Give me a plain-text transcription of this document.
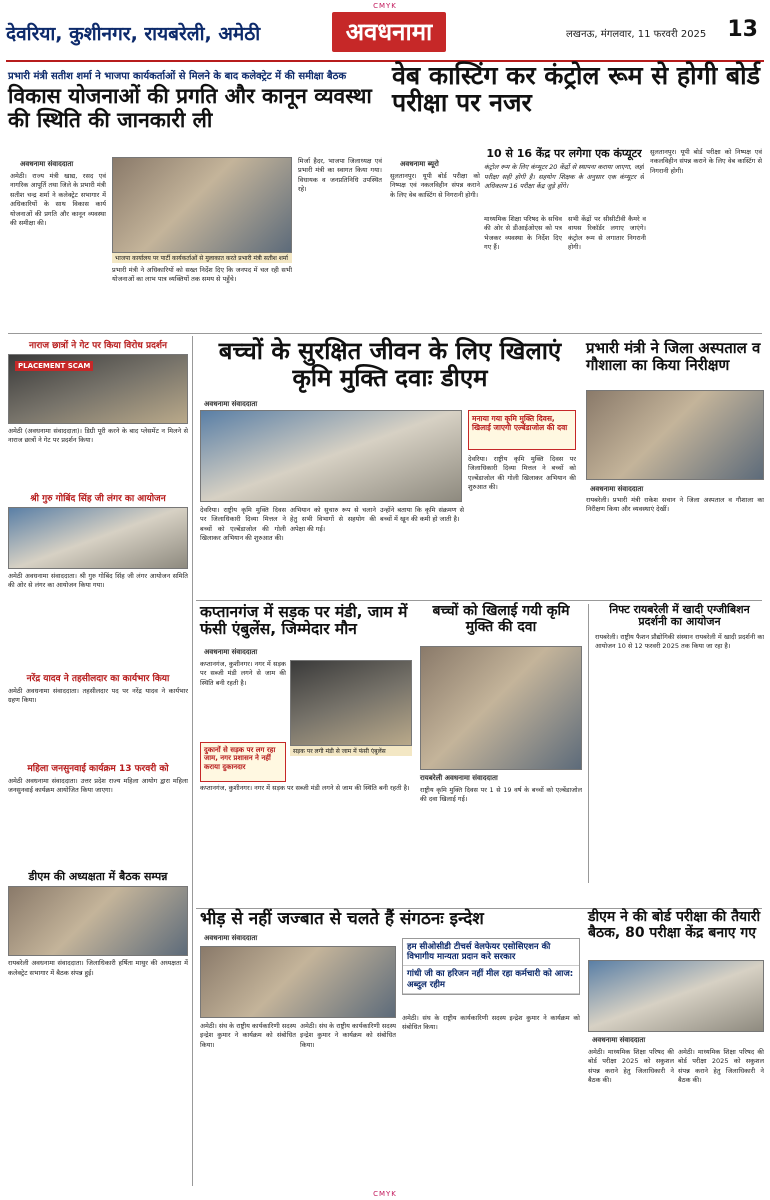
CMYK
देवरिया, कुशीनगर, रायबरेली, अमेठी	अवधनामा	लखनऊ, मंगलवार, 11 फरवरी 2025 13
प्रभारी मंत्री सतीश शर्मा ने भाजपा कार्यकर्ताओं से मिलने के बाद कलेक्ट्रेट में की समीक्षा बैठक
विकास योजनाओं की प्रगति और कानून व्यवस्था की स्थिति की जानकारी ली
अवधनामा संवाददाता
अमेठी। राज्य मंत्री खाद्य, रसद एवं नागरिक आपूर्ति तथा जिले के प्रभारी मंत्री सतीश चन्द्र शर्मा ने कलेक्ट्रेट सभागार में अधिकारियों के साथ विकास कार्य योजनाओं की प्रगति और कानून व्यवस्था की समीक्षा की।
भाजपा कार्यालय पर पार्टी कार्यकर्ताओं से मुलाकात करते प्रभारी मंत्री सतीश शर्मा
प्रभारी मंत्री ने अधिकारियों को सख्त निर्देश दिए कि जनपद में चल रही सभी योजनाओं का लाभ पात्र व्यक्तियों तक समय से पहुँचे।
मिर्जा हैदर, भाजपा जिलाध्यक्ष एवं प्रभारी मंत्री का स्वागत किया गया। विधायक व जनप्रतिनिधि उपस्थित रहे।
वेब कास्टिंग कर कंट्रोल रूम से होगी बोर्ड परीक्षा पर नजर
अवधनामा ब्यूरो
सुलतानपुर। यूपी बोर्ड परीक्षा को निष्पक्ष एवं नकलविहीन संपन्न कराने के लिए वेब कास्टिंग से निगरानी होगी।
10 से 16 केंद्र पर लगेगा एक कंप्यूटर
कंट्रोल रूम के लिए कंप्यूटर 20 केंद्रों से स्थापना कराया जाएगा, जहाँ परीक्षा सही होगी है। सहयोग शिक्षक के अनुसार एक कंप्यूटर से अधिकतम 16 परीक्षा केंद्र जुड़े होंगे।
माध्यमिक शिक्षा परिषद के सचिव की ओर से डीआईओएस को पत्र भेजकर व्यवस्था के निर्देश दिए गए हैं।
सभी केंद्रों पर सीसीटीवी कैमरे व वायस रिकॉर्डर लगाए जाएंगे। कंट्रोल रूम से लगातार निगरानी होगी।
सुलतानपुर। यूपी बोर्ड परीक्षा को निष्पक्ष एवं नकलविहीन संपन्न कराने के लिए वेब कास्टिंग से निगरानी होगी।
नाराज छात्रों ने गेट पर किया विरोध प्रदर्शन
PLACEMENT SCAM
अमेठी (अवधनामा संवाददाता)। डिग्री पूरी करने के बाद प्लेसमेंट न मिलने से नाराज छात्रों ने गेट पर प्रदर्शन किया।
श्री गुरु गोबिंद सिंह जी लंगर का आयोजन
अमेठी अवधनामा संवाददाता। श्री गुरु गोबिंद सिंह जी लंगर आयोजन समिति की ओर से लंगर का आयोजन किया गया।
नरेंद्र यादव ने तहसीलदार का कार्यभार किया
अमेठी अवधनामा संवाददाता। तहसीलदार पद पर नरेंद्र यादव ने कार्यभार ग्रहण किया।
महिला जनसुनवाई कार्यक्रम 13 फरवरी को
अमेठी अवधनामा संवाददाता। उत्तर प्रदेश राज्य महिला आयोग द्वारा महिला जनसुनवाई कार्यक्रम आयोजित किया जाएगा।
डीएम की अध्यक्षता में बैठक सम्पन्न
रायबरेली अवधनामा संवाददाता। जिलाधिकारी हर्षिता माथुर की अध्यक्षता में कलेक्ट्रेट सभागार में बैठक संपन्न हुई।
बच्चों के सुरक्षित जीवन के लिए खिलाएं कृमि मुक्ति दवाः डीएम
अवधनामा संवाददाता
देवरिया। राष्ट्रीय कृमि मुक्ति दिवस पर जिलाधिकारी दिव्या मित्तल ने बच्चों को एल्बेंडाजोल की गोली खिलाकर अभियान की शुरुआत की।
अभियान को सुचारु रूप से चलाने हेतु सभी विभागों से सहयोग की अपेक्षा की गई।
उन्होंने बताया कि कृमि संक्रमण से बच्चों में खून की कमी हो जाती है।
मनाया गया कृमि मुक्ति दिवस, खिलाई जाएगी एल्बेंडाजोल की दवा
देवरिया। राष्ट्रीय कृमि मुक्ति दिवस पर जिलाधिकारी दिव्या मित्तल ने बच्चों को एल्बेंडाजोल की गोली खिलाकर अभियान की शुरुआत की।
प्रभारी मंत्री ने जिला अस्पताल व गौशाला का किया निरीक्षण
अवधनामा संवाददाता
रायबरेली। प्रभारी मंत्री राकेश सचान ने जिला अस्पताल व गौशाला का निरीक्षण किया और व्यवस्थाएं देखीं।
कप्तानगंज में सड़क पर मंडी, जाम में फंसी एंबुलेंस, जिम्मेदार मौन
अवधनामा संवाददाता
कप्तानगंज, कुशीनगर। नगर में सड़क पर सब्जी मंडी लगने से जाम की स्थिति बनी रहती है।
सड़क पर लगी मंडी से जाम में फंसी एंबुलेंस
दुकानों से सड़क पर लग रहा जाम, नगर प्रशासन ने नहीं कराया दुकानदार
कप्तानगंज, कुशीनगर। नगर में सड़क पर सब्जी मंडी लगने से जाम की स्थिति बनी रहती है।
बच्चों को खिलाई गयी कृमि मुक्ति की दवा
रायबरेली अवधनामा संवाददाता
राष्ट्रीय कृमि मुक्ति दिवस पर 1 से 19 वर्ष के बच्चों को एल्बेंडाजोल की दवा खिलाई गई।
निफ्ट रायबरेली में खादी एग्जीबिशन प्रदर्शनी का आयोजन
रायबरेली। राष्ट्रीय फैशन प्रौद्योगिकी संस्थान रायबरेली में खादी प्रदर्शनी का आयोजन 10 से 12 फरवरी 2025 तक किया जा रहा है।
भीड़ से नहीं जज्बात से चलते हैं संगठनः इन्देश
अवधनामा संवाददाता
अमेठी। संघ के राष्ट्रीय कार्यकारिणी सदस्य इन्द्रेश कुमार ने कार्यक्रम को संबोधित किया।
अमेठी। संघ के राष्ट्रीय कार्यकारिणी सदस्य इन्द्रेश कुमार ने कार्यक्रम को संबोधित किया।
हम सीओसीडी टीचर्स वेलफेयर एसोसिएशन की विभागीय मान्यता प्रदान करे सरकार
गांधी जी का हरिजन नहीं मील रहा कर्मचारी को आज: अब्दुल रहीम
अमेठी। संघ के राष्ट्रीय कार्यकारिणी सदस्य इन्द्रेश कुमार ने कार्यक्रम को संबोधित किया।
डीएम ने की बोर्ड परीक्षा की तैयारी बैठक, 80 परीक्षा केंद्र बनाए गए
अवधनामा संवाददाता
अमेठी। माध्यमिक शिक्षा परिषद की बोर्ड परीक्षा 2025 को सकुशल संपन्न कराने हेतु जिलाधिकारी ने बैठक की।
अमेठी। माध्यमिक शिक्षा परिषद की बोर्ड परीक्षा 2025 को सकुशल संपन्न कराने हेतु जिलाधिकारी ने बैठक की।
CMYK
